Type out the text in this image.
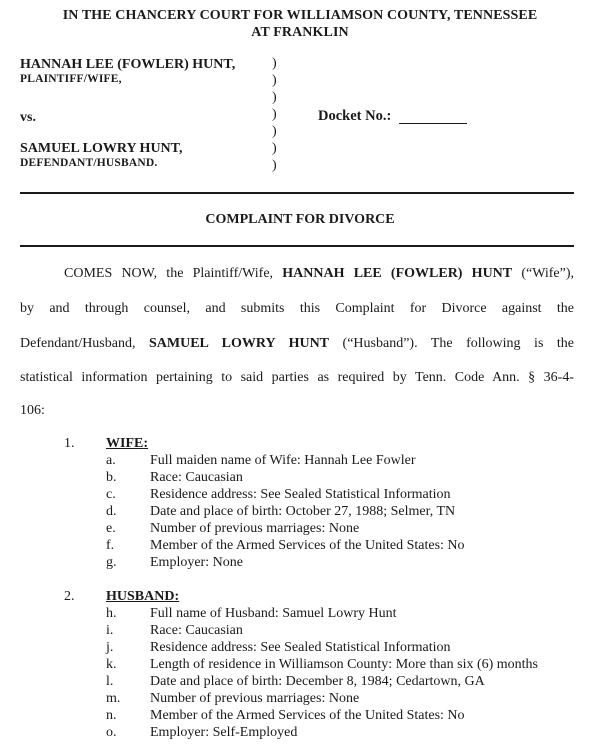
IN THE CHANCERY COURT FOR WILLIAMSON COUNTY, TENNESSEE
AT FRANKLIN
HANNAH LEE (FOWLER) HUNT,
PLAINTIFF/WIFE,
vs.
SAMUEL LOWRY HUNT,
DEFENDANT/HUSBAND.
)
)
)
)
)
)
)
Docket No.:
COMPLAINT FOR DIVORCE
COMES NOW, the Plaintiff/Wife, HANNAH LEE (FOWLER) HUNT (“Wife”),
by and through counsel, and submits this Complaint for Divorce against the
Defendant/Husband, SAMUEL LOWRY HUNT (“Husband”). The following is the
statistical information pertaining to said parties as required by Tenn. Code Ann. § 36-4-
106:
1. WIFE:
a. Full maiden name of Wife: Hannah Lee Fowler
b. Race: Caucasian
c. Residence address: See Sealed Statistical Information
d. Date and place of birth: October 27, 1988; Selmer, TN
e. Number of previous marriages: None
f.	Member of the Armed Services of the United States: No
g. Employer: None
2. HUSBAND:
h. Full name of Husband: Samuel Lowry Hunt
i.	Race: Caucasian
j.	Residence address: See Sealed Statistical Information
k. Length of residence in Williamson County: More than six (6) months
l.	Date and place of birth: December 8, 1984; Cedartown, GA
m. Number of previous marriages: None
n. Member of the Armed Services of the United States: No
o. Employer: Self-Employed
